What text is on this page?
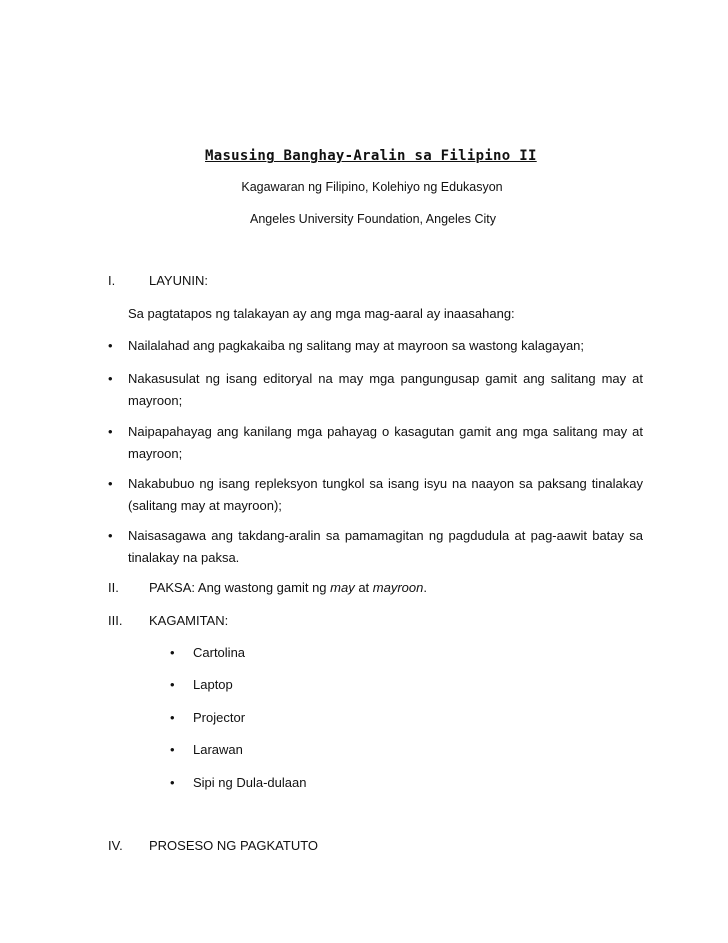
Masusing Banghay-Aralin sa Filipino II
Kagawaran ng Filipino, Kolehiyo ng Edukasyon
Angeles University Foundation, Angeles City
I.	LAYUNIN:
Sa pagtatapos ng talakayan ay ang mga mag-aaral ay inaasahang:
• Nailalahad ang pagkakaiba ng salitang may at mayroon sa wastong kalagayan;
• Nakasusulat ng isang editoryal na may mga pangungusap gamit ang salitang may at mayroon;
• Naipapahayag ang kanilang mga pahayag o kasagutan gamit ang mga salitang may at mayroon;
• Nakabubuo ng isang repleksyon tungkol sa isang isyu na naayon sa paksang tinalakay (salitang may at mayroon);
• Naisasagawa ang takdang-aralin sa pamamagitan ng pagdudula at pag-aawit batay sa tinalakay na paksa.
II. PAKSA: Ang wastong gamit ng may at mayroon.
III. KAGAMITAN:
• Cartolina
• Laptop
• Projector
• Larawan
• Sipi ng Dula-dulaan
IV. PROSESO NG PAGKATUTO
